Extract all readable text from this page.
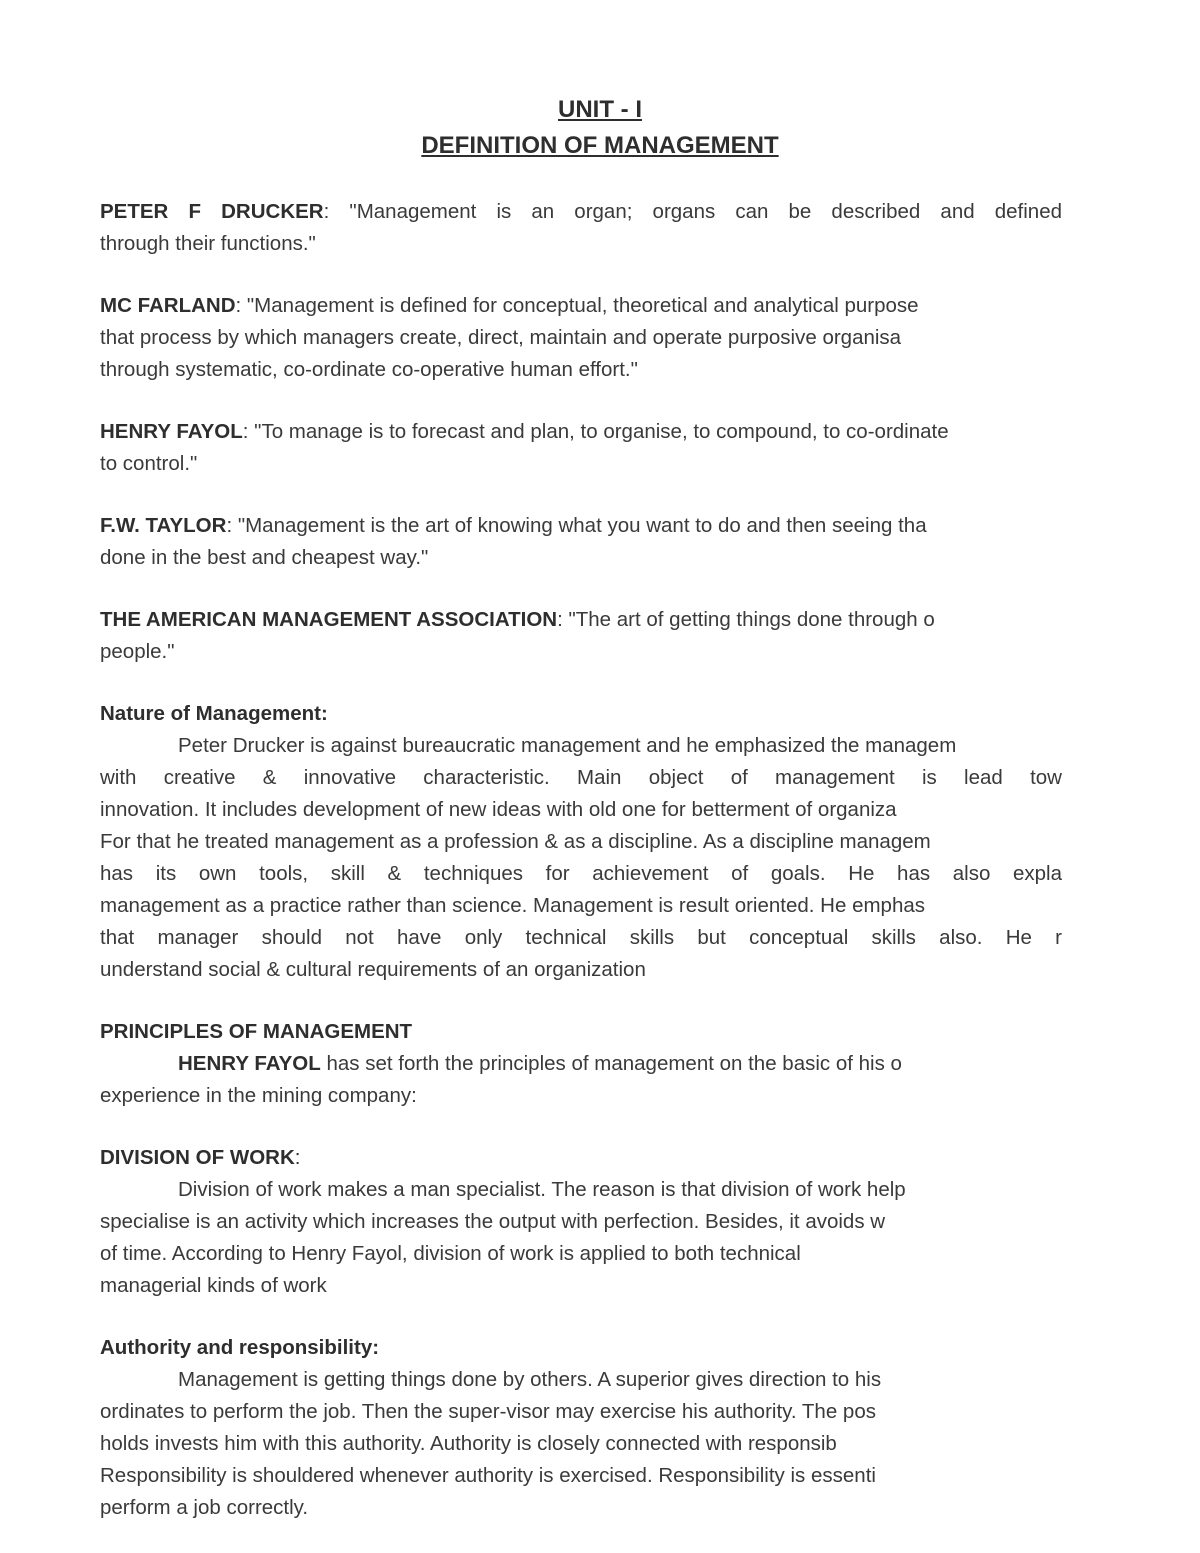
UNIT - I
DEFINITION OF MANAGEMENT
PETER F DRUCKER: "Management is an organ; organs can be described and defined
through their functions."
MC FARLAND: "Management is defined for conceptual, theoretical and analytical purpose
that process by which managers create, direct, maintain and operate purposive organisa
through systematic, co-ordinate co-operative human effort."
HENRY FAYOL: "To manage is to forecast and plan, to organise, to compound, to co-ordinate
to control."
F.W. TAYLOR: "Management is the art of knowing what you want to do and then seeing tha
done in the best and cheapest way."
THE AMERICAN MANAGEMENT ASSOCIATION: "The art of getting things done through o
people."
Nature of Management:
Peter Drucker is against bureaucratic management and he emphasized the managem
with creative & innovative characteristic. Main object of management is lead tow
innovation. It includes development of new ideas with old one for betterment of organiza
For that he treated management as a profession & as a discipline. As a discipline managem
has its own tools, skill & techniques for achievement of goals. He has also expla
management as a practice rather than science. Management is result oriented. He emphas
that manager should not have only technical skills but conceptual skills also. He r
understand social & cultural requirements of an organization
PRINCIPLES OF MANAGEMENT
HENRY FAYOL has set forth the principles of management on the basic of his o
experience in the mining company:
DIVISION OF WORK:
Division of work makes a man specialist. The reason is that division of work help
specialise is an activity which increases the output with perfection. Besides, it avoids w
of time. According to Henry Fayol, division of work is applied to both technical
managerial kinds of work
Authority and responsibility:
Management is getting things done by others. A superior gives direction to his
ordinates to perform the job. Then the super-visor may exercise his authority. The pos
holds invests him with this authority. Authority is closely connected with responsib
Responsibility is shouldered whenever authority is exercised. Responsibility is essenti
perform a job correctly.
